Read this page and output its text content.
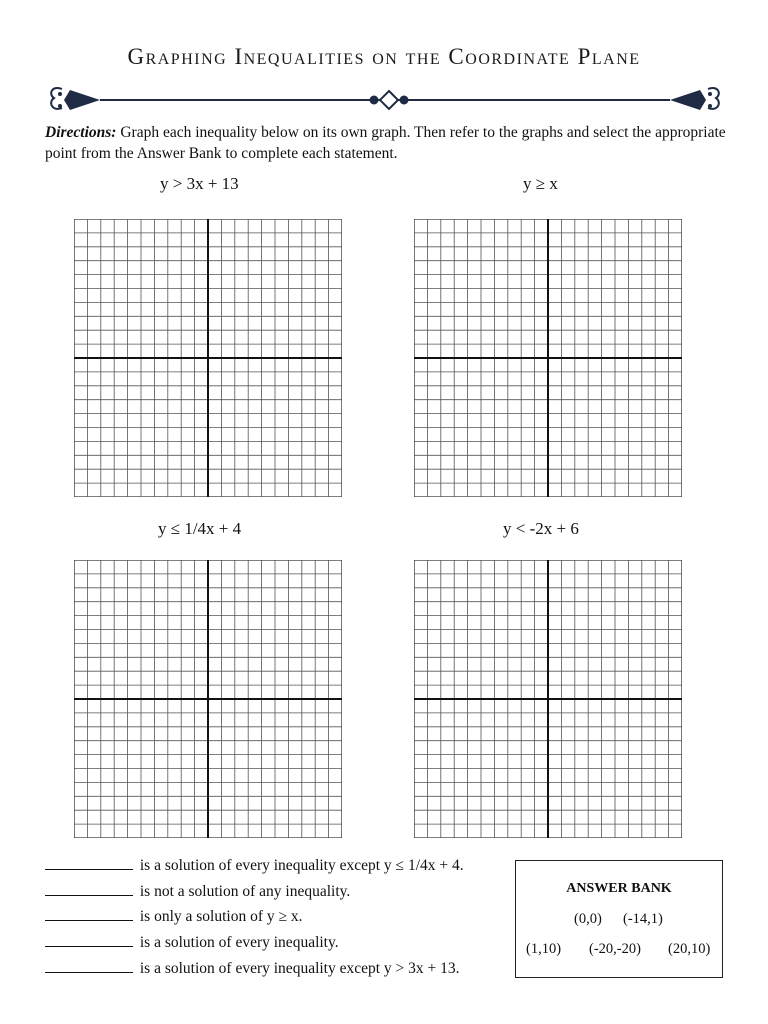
Graphing Inequalities on the Coordinate Plane
Directions: Graph each inequality below on its own graph. Then refer to the graphs and select the appropriate point from the Answer Bank to complete each statement.
y > 3x + 13	y ≥ x
y ≤ 1/4x + 4	y < -2x + 6
is a solution of every inequality except y ≤ 1/4x + 4.
is not a solution of any inequality.
is only a solution of y ≥ x.
is a solution of every inequality.
is a solution of every inequality except y > 3x + 13.
ANSWER BANK
(0,0) (-14,1)
(1,10) (-20,-20) (20,10)
